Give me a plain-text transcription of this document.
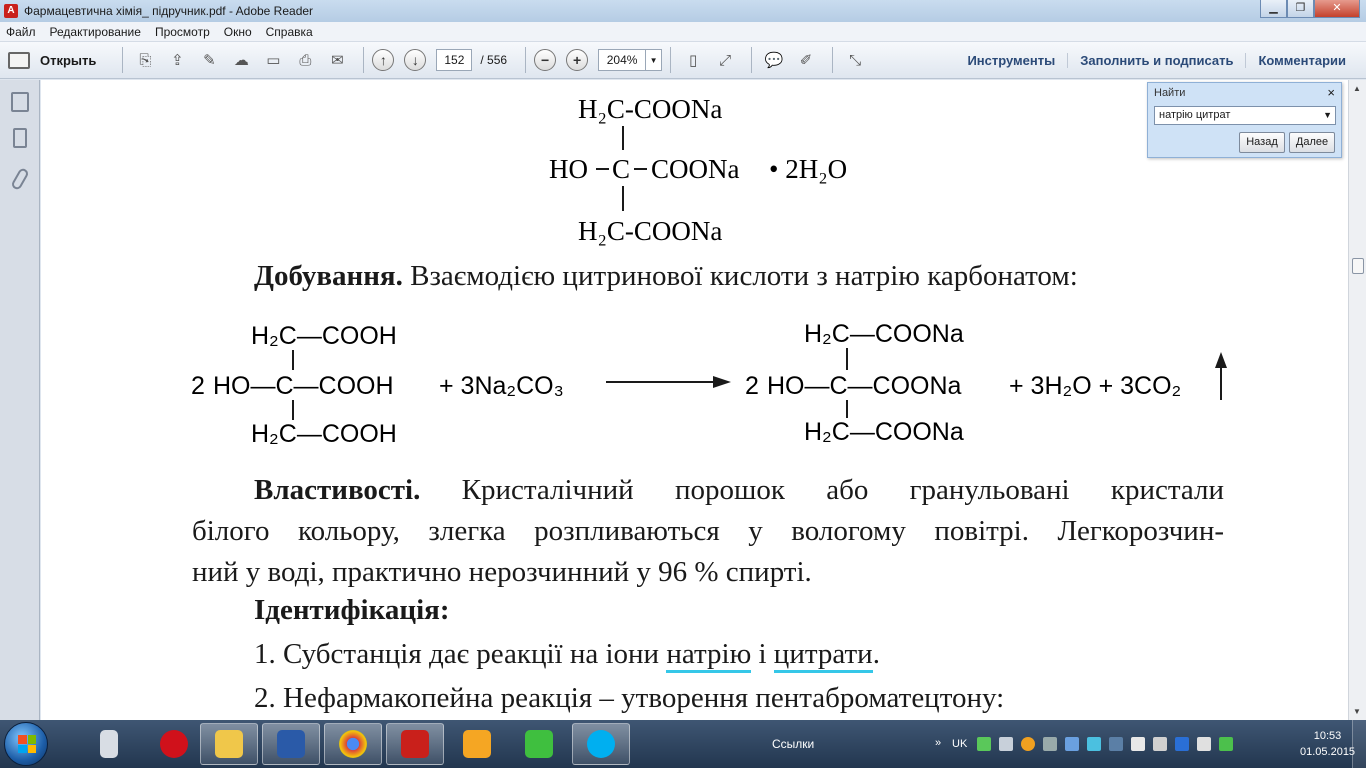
A Фармацевтична хімія_ підручник.pdf - Adobe Reader	▁	❐	✕
Файл Редактирование Просмотр Окно Справка
Открыть	⎘	⇪	✎	☁	▭	⎙	✉	↑	↓	152	/ 556	−	+	204%	▼	▯	⤢	💬	✐	⤡	Инструменты	Заполнить и подписать	Комментарии
H₂C-COONa
HO C COONa • 2H₂O
H₂C-COONa
Добування. Взаємодією цитринової кислоти з натрію карбонатом:
H₂C—COOH
2 HO—C—COOH
H₂C—COOH
+ 3Na₂CO₃
H₂C—COONa
2 HO—C—COONa
H₂C—COONa
+ 3H₂O + 3CO₂
Властивості. Кристалічний порошок або гранульовані кристали
білого кольору, злегка розпливаються у вологому повітрі. Легкорозчин-
ний у воді, практично нерозчинний у 96 % спирті.
Ідентифікація:
1. Субстанція дає реакції на іони натрію і цитрати.
2. Нефармакопейна реакція – утворення пентаброматецтону:
▲
▼
Найти	×
натрію цитрат	▼
Назад	Далее
Ссылки	» UK
10:53
01.05.2015
